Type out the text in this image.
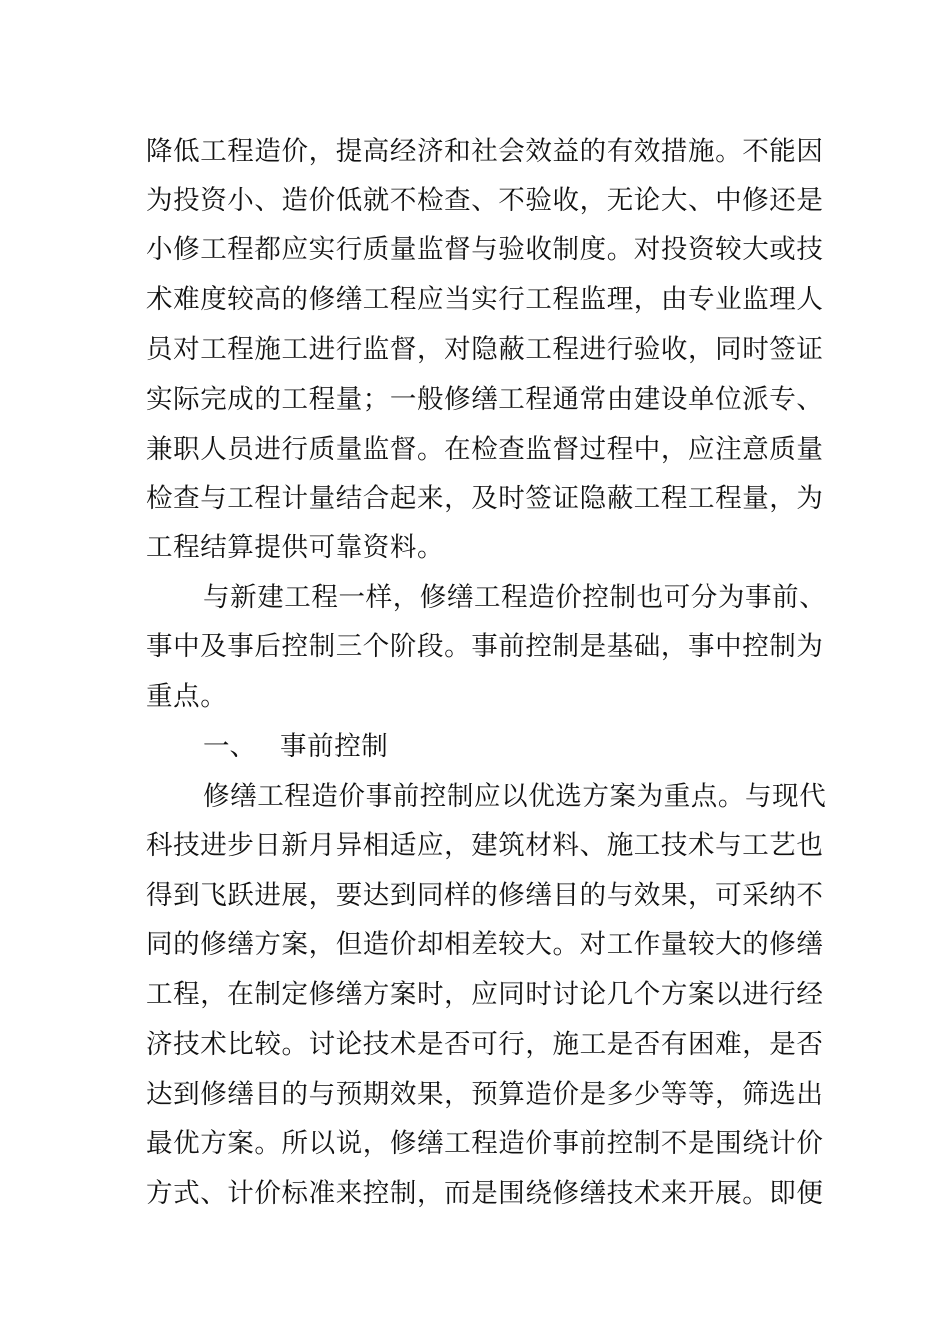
降低工程造价，提高经济和社会效益的有效措施。不能因
为投资小、造价低就不检查、不验收，无论大、中修还是
小修工程都应实行质量监督与验收制度。对投资较大或技
术难度较高的修缮工程应当实行工程监理，由专业监理人
员对工程施工进行监督，对隐蔽工程进行验收，同时签证
实际完成的工程量；一般修缮工程通常由建设单位派专、
兼职人员进行质量监督。在检查监督过程中，应注意质量
检查与工程计量结合起来，及时签证隐蔽工程工程量，为
工程结算提供可靠资料。
与新建工程一样，修缮工程造价控制也可分为事前、
事中及事后控制三个阶段。事前控制是基础，事中控制为
重点。
一、 事前控制
修缮工程造价事前控制应以优选方案为重点。与现代
科技进步日新月异相适应，建筑材料、施工技术与工艺也
得到飞跃进展，要达到同样的修缮目的与效果，可采纳不
同的修缮方案，但造价却相差较大。对工作量较大的修缮
工程，在制定修缮方案时，应同时讨论几个方案以进行经
济技术比较。讨论技术是否可行，施工是否有困难，是否
达到修缮目的与预期效果，预算造价是多少等等，筛选出
最优方案。所以说，修缮工程造价事前控制不是围绕计价
方式、计价标准来控制，而是围绕修缮技术来开展。即便
